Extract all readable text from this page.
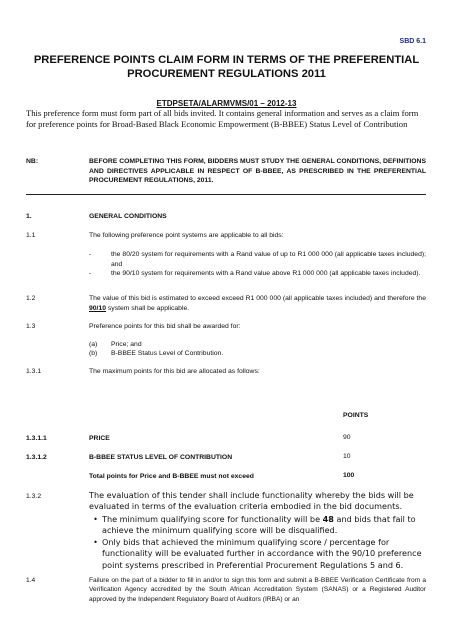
SBD 6.1
PREFERENCE POINTS CLAIM FORM IN TERMS OF THE PREFERENTIAL
PROCUREMENT REGULATIONS 2011
ETDPSETA/ALARMVMS/01 – 2012-13
This preference form must form part of all bids invited. It contains general information and serves as a claim form for preference points for Broad-Based Black Economic Empowerment (B-BBEE) Status Level of Contribution
NB:	BEFORE COMPLETING THIS FORM, BIDDERS MUST STUDY THE GENERAL CONDITIONS, DEFINITIONS AND DIRECTIVES APPLICABLE IN RESPECT OF B-BBEE, AS PRESCRIBED IN THE PREFERENTIAL PROCUREMENT REGULATIONS, 2011.
1.	GENERAL CONDITIONS
1.1	The following preference point systems are applicable to all bids:
-	the 80/20 system for requirements with a Rand value of up to R1 000 000 (all applicable taxes included); and
-	the 90/10 system for requirements with a Rand value above R1 000 000 (all applicable taxes included).
1.2	The value of this bid is estimated to exceed exceed R1 000 000 (all applicable taxes included) and therefore the 90/10 system shall be applicable.
1.3	Preference points for this bid shall be awarded for:
(a)	Price; and
(b)	B-BBEE Status Level of Contribution.
1.3.1	The maximum points for this bid are allocated as follows:
POINTS
1.3.1.1	PRICE	90
1.3.1.2	B-BBEE STATUS LEVEL OF CONTRIBUTION	10
Total points for Price and B-BBEE must not exceed	100
1.3.2	The evaluation of this tender shall include functionality whereby the bids will be evaluated in terms of the evaluation criteria embodied in the bid documents.
• The minimum qualifying score for functionality will be 48 and bids that fail to achieve the minimum qualifying score will be disqualified.
• Only bids that achieved the minimum qualifying score / percentage for functionality will be evaluated further in accordance with the 90/10 preference point systems prescribed in Preferential Procurement Regulations 5 and 6.
1.4	Failure on the part of a bidder to fill in and/or to sign this form and submit a B-BBEE Verification Certificate from a Verification Agency accredited by the South African Accreditation System (SANAS) or a Registered Auditor approved by the Independent Regulatory Board of Auditors (IRBA) or an
